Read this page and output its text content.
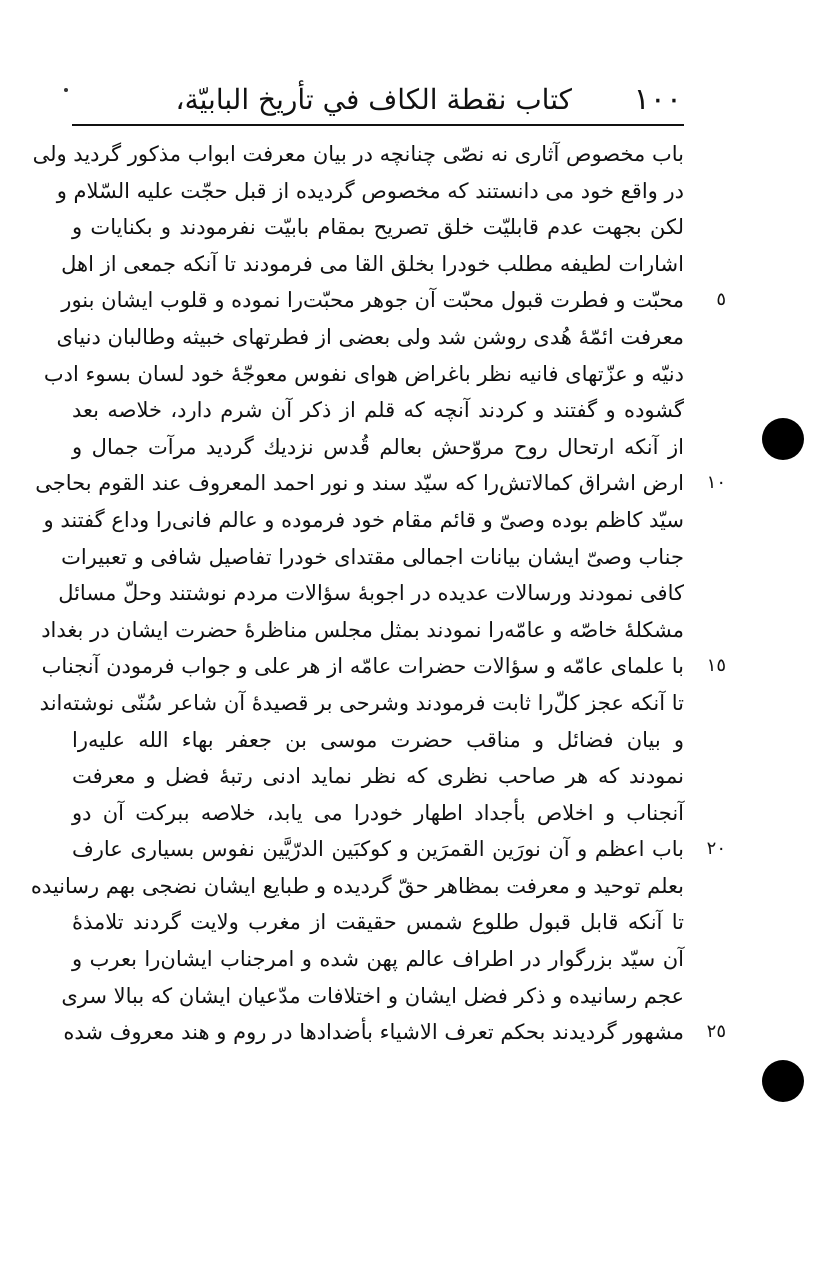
١٠٠
کتاب نقطة الکاف في تأریخ البابیّة،
باب مخصوص آثاری نه نصّی چنانچه در بیان معرفت ابواب مذکور گردید ولی
در واقع خود می دانستند که مخصوص گردیده از قبل حجّت علیه السّلام و
لکن بجهت عدم قابلیّت خلق تصریح بمقام بابیّت نفرمودند و بکنایات و
اشارات لطیفه مطلب خودرا بخلق القا می فرمودند تا آنکه جمعی از اهل
محبّت و فطرت قبول محبّت آن جوهر محبّت‌را نموده و قلوب ایشان بنور	٥
معرفت ائمّهٔ هُدی روشن شد ولی بعضی از فطرتهای خبیثه وطالبان دنیای
دنیّه و عزّتهای فانیه نظر باغراض هوای نفوس معوجّهٔ خود لسان بسوء ادب
گشوده و گفتند و کردند آنچه که قلم از ذکر آن شرم دارد، خلاصه بعد
از آنکه ارتحال روح مروّحش بعالم قُدس نزدیك گردید مرآت جمال و
ارض اشراق کمالاتش‌را که سیّد سند و نور احمد المعروف عند القوم بحاجی	١٠
سیّد کاظم بوده وصیّ و قائم مقام خود فرموده و عالم فانی‌را وداع گفتند و
جناب وصیّ ایشان بیانات اجمالی مقتدای خودرا تفاصیل شافی و تعبیرات
کافی نمودند ورسالات عدیده در اجوبهٔ سؤالات مردم نوشتند وحلّ مسائل
مشکلهٔ خاصّه و عامّه‌را نمودند بمثل مجلس مناظرهٔ حضرت ایشان در بغداد
با علمای عامّه و سؤالات حضرات عامّه از هر علی و جواب فرمودن آنجناب	١٥
تا آنکه عجز کلّ‌را ثابت فرمودند وشرحی بر قصیدهٔ آن شاعر سُنّی نوشته‌اند
و بیان فضائل و مناقب حضرت موسی بن جعفر بهاء الله علیه‌را
نمودند که هر صاحب نظری که نظر نماید ادنی رتبهٔ فضل و معرفت
آنجناب و اخلاص بأجداد اطهار خودرا می یابد، خلاصه ببرکت آن دو
باب اعظم و آن نورَین القمرَین و کوکبَین الدرّیَّین نفوس بسیاری عارف	٢٠
بعلم توحید و معرفت بمظاهر حقّ گردیده و طبایع ایشان نضجی بهم رسانیده
تا آنکه قابل قبول طلوع شمس حقیقت از مغرب ولایت گردند تلامذهٔ
آن سیّد بزرگوار در اطراف عالم پهن شده و امرجناب ایشان‌را بعرب و
عجم رسانیده و ذکر فضل ایشان و اختلافات مدّعیان ایشان که ببالا سری
مشهور گردیدند بحکم تعرف الاشیاء بأضدادها در روم و هند معروف شده	٢٥
